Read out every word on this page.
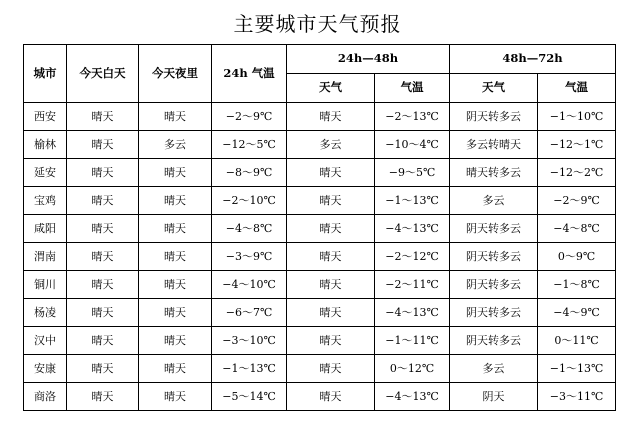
主要城市天气预报
城市	今天白天	今天夜里	24h 气温	24h—48h		48h—72h	
				天气	气温	天气	气温
西安	晴天	晴天	−2～9℃	晴天	−2～13℃	阴天转多云	−1～10℃
榆林	晴天	多云	−12～5℃	多云	−10～4℃	多云转晴天	−12～1℃
延安	晴天	晴天	−8～9℃	晴天	−9～5℃	晴天转多云	−12～2℃
宝鸡	晴天	晴天	−2～10℃	晴天	−1～13℃	多云	−2～9℃
咸阳	晴天	晴天	−4～8℃	晴天	−4～13℃	阴天转多云	−4～8℃
渭南	晴天	晴天	−3～9℃	晴天	−2～12℃	阴天转多云	0～9℃
铜川	晴天	晴天	−4～10℃	晴天	−2～11℃	阴天转多云	−1～8℃
杨凌	晴天	晴天	−6～7℃	晴天	−4～13℃	阴天转多云	−4～9℃
汉中	晴天	晴天	−3～10℃	晴天	−1～11℃	阴天转多云	0～11℃
安康	晴天	晴天	−1～13℃	晴天	0～12℃	多云	−1～13℃
商洛	晴天	晴天	−5～14℃	晴天	−4～13℃	阴天	−3～11℃
